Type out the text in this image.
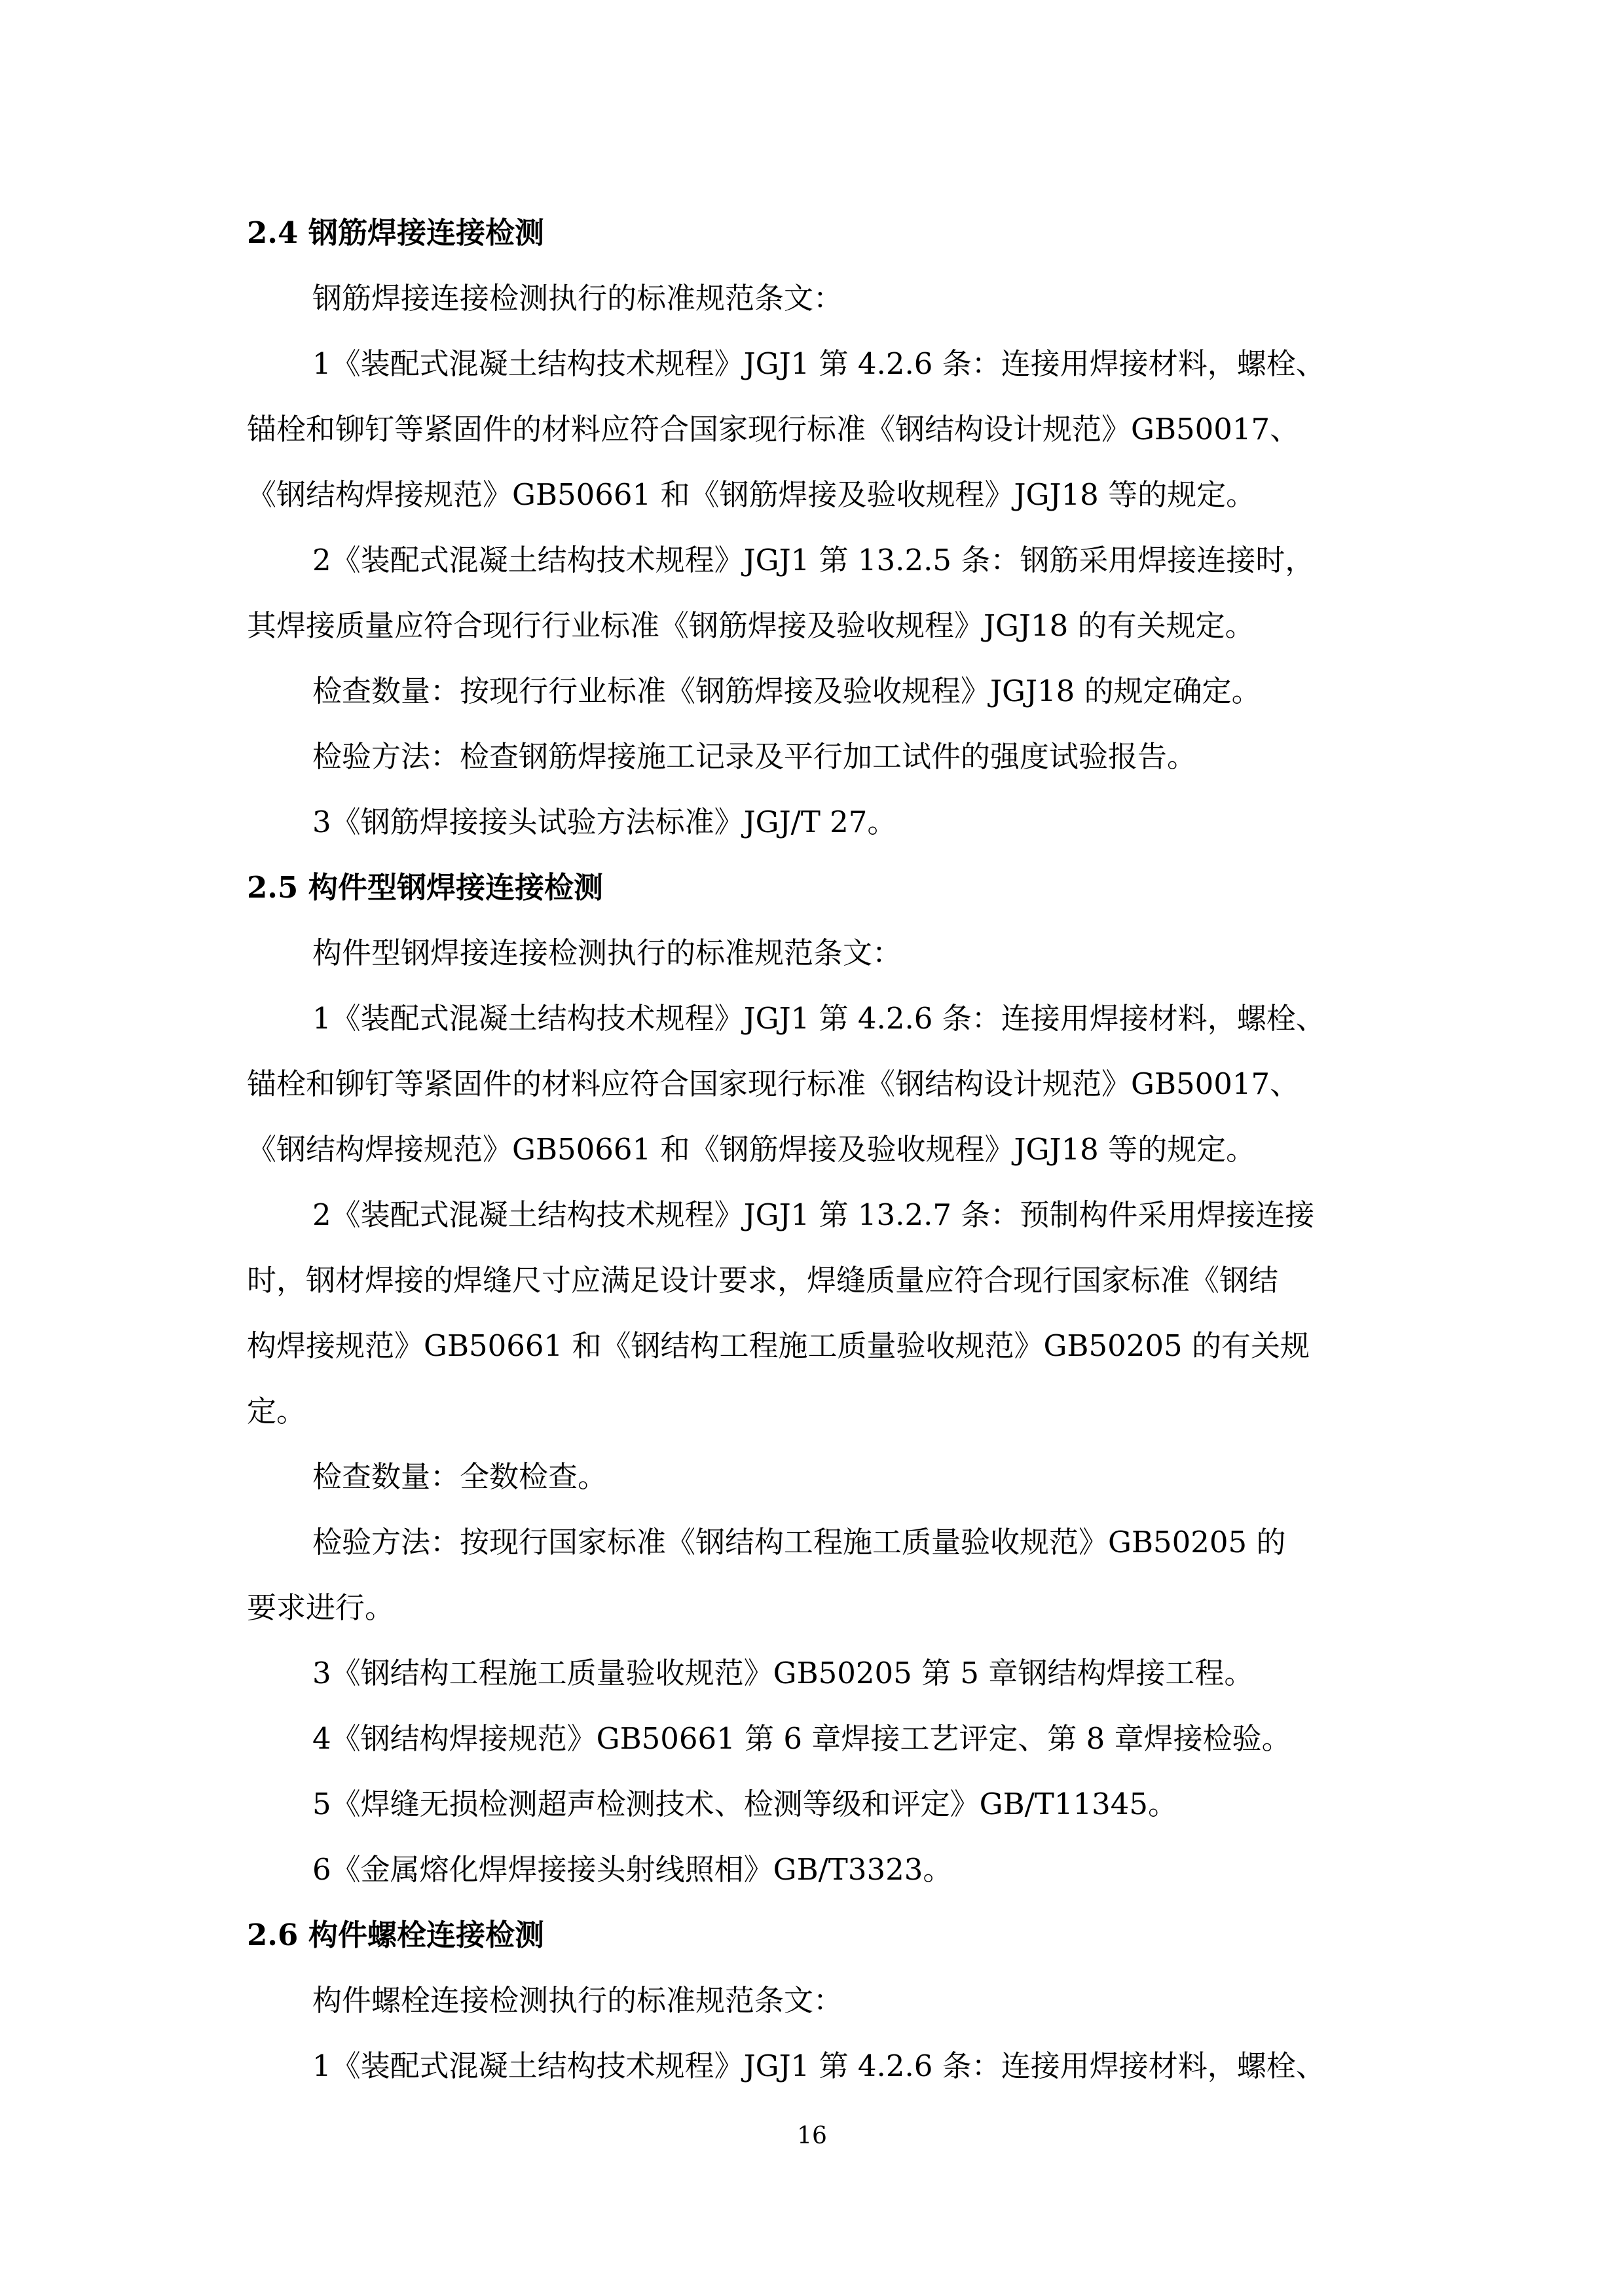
2.4 钢筋焊接连接检测
钢筋焊接连接检测执行的标准规范条文：
1《装配式混凝土结构技术规程》JGJ1 第 4.2.6 条：连接用焊接材料，螺栓、
锚栓和铆钉等紧固件的材料应符合国家现行标准《钢结构设计规范》GB50017、
《钢结构焊接规范》GB50661 和《钢筋焊接及验收规程》JGJ18 等的规定。
2《装配式混凝土结构技术规程》JGJ1 第 13.2.5 条：钢筋采用焊接连接时，
其焊接质量应符合现行行业标准《钢筋焊接及验收规程》JGJ18 的有关规定。
检查数量：按现行行业标准《钢筋焊接及验收规程》JGJ18 的规定确定。
检验方法：检查钢筋焊接施工记录及平行加工试件的强度试验报告。
3《钢筋焊接接头试验方法标准》JGJ/T 27。
2.5 构件型钢焊接连接检测
构件型钢焊接连接检测执行的标准规范条文：
1《装配式混凝土结构技术规程》JGJ1 第 4.2.6 条：连接用焊接材料，螺栓、
锚栓和铆钉等紧固件的材料应符合国家现行标准《钢结构设计规范》GB50017、
《钢结构焊接规范》GB50661 和《钢筋焊接及验收规程》JGJ18 等的规定。
2《装配式混凝土结构技术规程》JGJ1 第 13.2.7 条：预制构件采用焊接连接
时，钢材焊接的焊缝尺寸应满足设计要求，焊缝质量应符合现行国家标准《钢结
构焊接规范》GB50661 和《钢结构工程施工质量验收规范》GB50205 的有关规
定。
检查数量：全数检查。
检验方法：按现行国家标准《钢结构工程施工质量验收规范》GB50205 的
要求进行。
3《钢结构工程施工质量验收规范》GB50205 第 5 章钢结构焊接工程。
4《钢结构焊接规范》GB50661 第 6 章焊接工艺评定、第 8 章焊接检验。
5《焊缝无损检测超声检测技术、检测等级和评定》GB/T11345。
6《金属熔化焊焊接接头射线照相》GB/T3323。
2.6 构件螺栓连接检测
构件螺栓连接检测执行的标准规范条文：
1《装配式混凝土结构技术规程》JGJ1 第 4.2.6 条：连接用焊接材料，螺栓、
16
